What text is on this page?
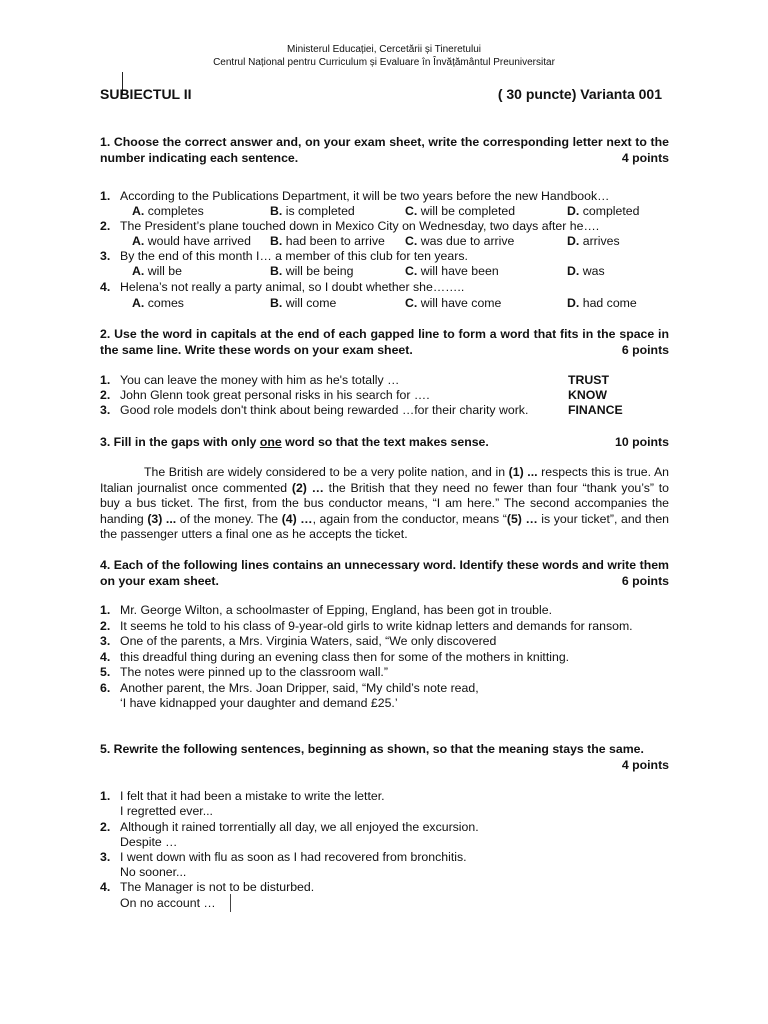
Ministerul Educației, Cercetării și Tineretului
Centrul Național pentru Curriculum și Evaluare în Învățământul Preuniversitar
SUBIECTUL II	( 30 puncte) Varianta 001
1. Choose the correct answer and, on your exam sheet, write the corresponding letter next to the number indicating each sentence.	4 points
1. According to the Publications Department, it will be two years before the new Handbook…
A. completes	B. is completed	C. will be completed	D. completed
2. The President’s plane touched down in Mexico City on Wednesday, two days after he….
A. would have arrived B. had been to arrive C. was due to arrive	D. arrives
3. By the end of this month I… a member of this club for ten years.
A. will be	B. will be being	C. will have been	D. was
4. Helena’s not really a party animal, so I doubt whether she……..
A. comes	B. will come	C. will have come	D. had come
2. Use the word in capitals at the end of each gapped line to form a word that fits in the space in the same line. Write these words on your exam sheet.	6 points
1. You can leave the money with him as he's totally …	TRUST
2. John Glenn took great personal risks in his search for ….	KNOW
3. Good role models don't think about being rewarded …for their charity work.	FINANCE
3. Fill in the gaps with only one word so that the text makes sense.	10 points
The British are widely considered to be a very polite nation, and in (1) ... respects this is true. An Italian journalist once commented (2) … the British that they need no fewer than four “thank you’s” to buy a bus ticket. The first, from the bus conductor means, “I am here.” The second accompanies the handing (3) ... of the money. The (4) …, again from the conductor, means “(5) … is your ticket”, and then the passenger utters a final one as he accepts the ticket.
4. Each of the following lines contains an unnecessary word. Identify these words and write them on your exam sheet.	6 points
1. Mr. George Wilton, a schoolmaster of Epping, England, has been got in trouble.
2. It seems he told to his class of 9-year-old girls to write kidnap letters and demands for ransom.
3. One of the parents, a Mrs. Virginia Waters, said, “We only discovered
4. this dreadful thing during an evening class then for some of the mothers in knitting.
5. The notes were pinned up to the classroom wall.”
6. Another parent, the Mrs. Joan Dripper, said, “My child’s note read,
‘I have kidnapped your daughter and demand £25.’
5. Rewrite the following sentences, beginning as shown, so that the meaning stays the same.
4 points
1. I felt that it had been a mistake to write the letter.
I regretted ever...
2. Although it rained torrentially all day, we all enjoyed the excursion.
Despite …
3. I went down with flu as soon as I had recovered from bronchitis.
No sooner...
4. The Manager is not to be disturbed.
On no account …
